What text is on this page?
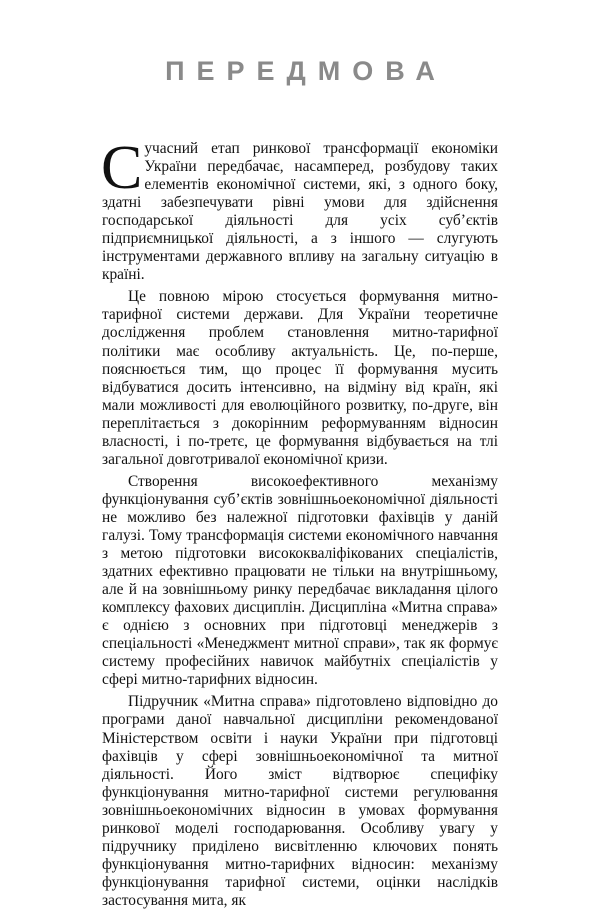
ПЕРЕДМОВА

Сучасний етап ринкової трансформації економіки України передбачає, насамперед, розбудову таких елементів економічної системи, які, з одного боку, здатні забезпечувати рівні умови для здійснення господарської діяльності для усіх суб’єктів підприємницької діяльності, а з іншого — слугують інструментами державного впливу на загальну ситуацію в країні.

Це повною мірою стосується формування митно-тарифної системи держави. Для України теоретичне дослідження проблем становлення митно-тарифної політики має особливу актуальність. Це, по-перше, пояснюється тим, що процес її формування мусить відбуватися досить інтенсивно, на відміну від країн, які мали можливості для еволюційного розвитку, по-друге, він переплітається з докорінним реформуванням відносин власності, і по-третє, це формування відбувається на тлі загальної довготривалої економічної кризи.

Створення високоефективного механізму функціонування суб’єктів зовнішньоекономічної діяльності не можливо без належної підготовки фахівців у даній галузі. Тому трансформація системи економічного навчання з метою підготовки висококваліфікованих спеціалістів, здатних ефективно працювати не тільки на внутрішньому, але й на зовнішньому ринку передбачає викладання цілого комплексу фахових дисциплін. Дисципліна «Митна справа» є однією з основних при підготовці менеджерів з спеціальності «Менеджмент митної справи», так як формує систему професійних навичок майбутніх спеціалістів у сфері митно-тарифних відносин.

Підручник «Митна справа» підготовлено відповідно до програми даної навчальної дисципліни рекомендованої Міністерством освіти і науки України при підготовці фахівців у сфері зовнішньоекономічної та митної діяльності. Його зміст відтворює специфіку функціонування митно-тарифної системи регулювання зовнішньоекономічних відносин в умовах формування ринкової моделі господарювання. Особливу увагу у підручнику приділено висвітленню ключових понять функціонування митно-тарифних відносин: механізму функціонування тарифної системи, оцінки наслідків застосування мита, як
